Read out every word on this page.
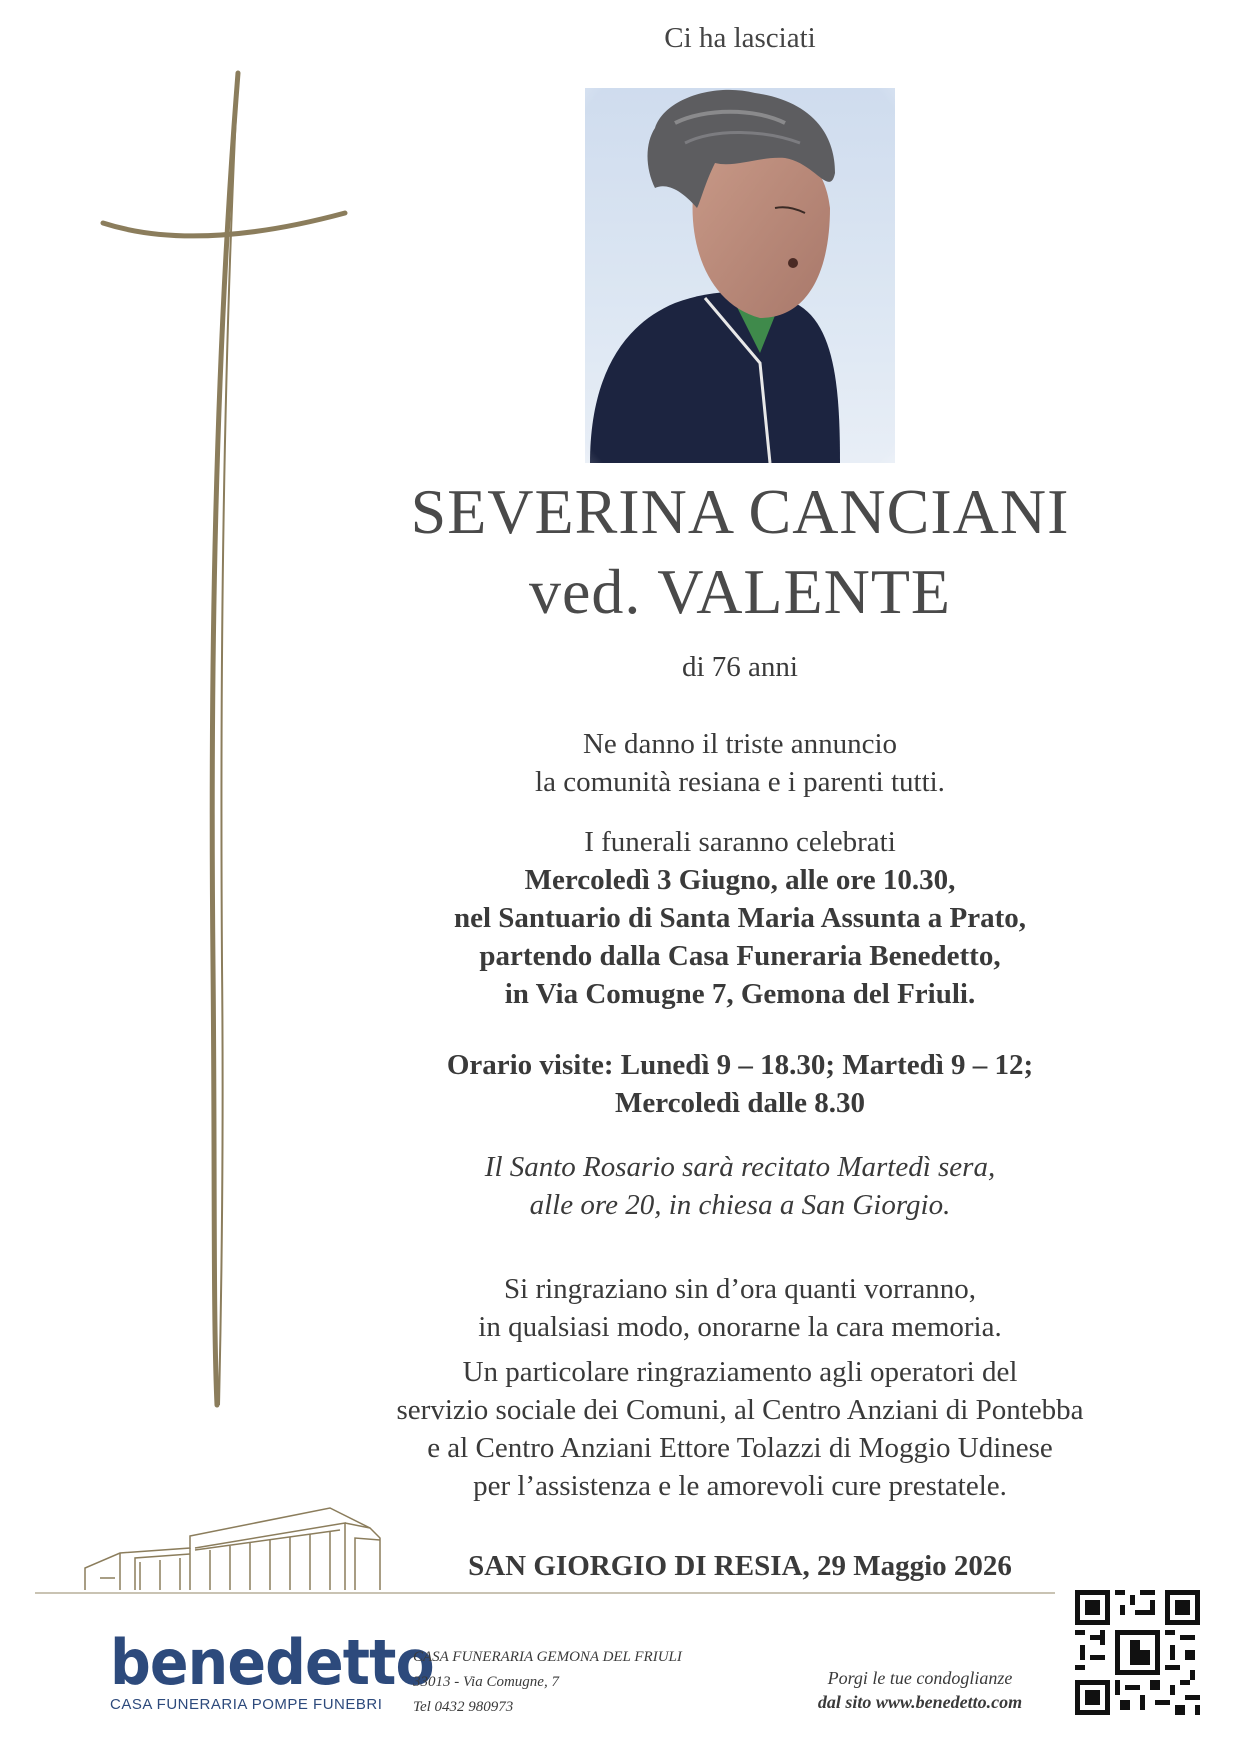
Ci ha lasciati
SEVERINA CANCIANI
ved. VALENTE
di 76 anni
Ne danno il triste annuncio
la comunità resiana e i parenti tutti.
I funerali saranno celebrati
Mercoledì 3 Giugno, alle ore 10.30,
nel Santuario di Santa Maria Assunta a Prato,
partendo dalla Casa Funeraria Benedetto,
in Via Comugne 7, Gemona del Friuli.
Orario visite: Lunedì 9 – 18.30; Martedì 9 – 12;
Mercoledì dalle 8.30
Il Santo Rosario sarà recitato Martedì sera,
alle ore 20, in chiesa a San Giorgio.
Si ringraziano sin d’ora quanti vorranno,
in qualsiasi modo, onorarne la cara memoria.
Un particolare ringraziamento agli operatori del
servizio sociale dei Comuni, al Centro Anziani di Pontebba
e al Centro Anziani Ettore Tolazzi di Moggio Udinese
per l’assistenza e le amorevoli cure prestatele.
SAN GIORGIO DI RESIA, 29 Maggio 2026
benedetto
CASA FUNERARIA POMPE FUNEBRI
CASA FUNERARIA GEMONA DEL FRIULI
33013 - Via Comugne, 7
Tel 0432 980973
Porgi le tue condoglianze
dal sito www.benedetto.com
